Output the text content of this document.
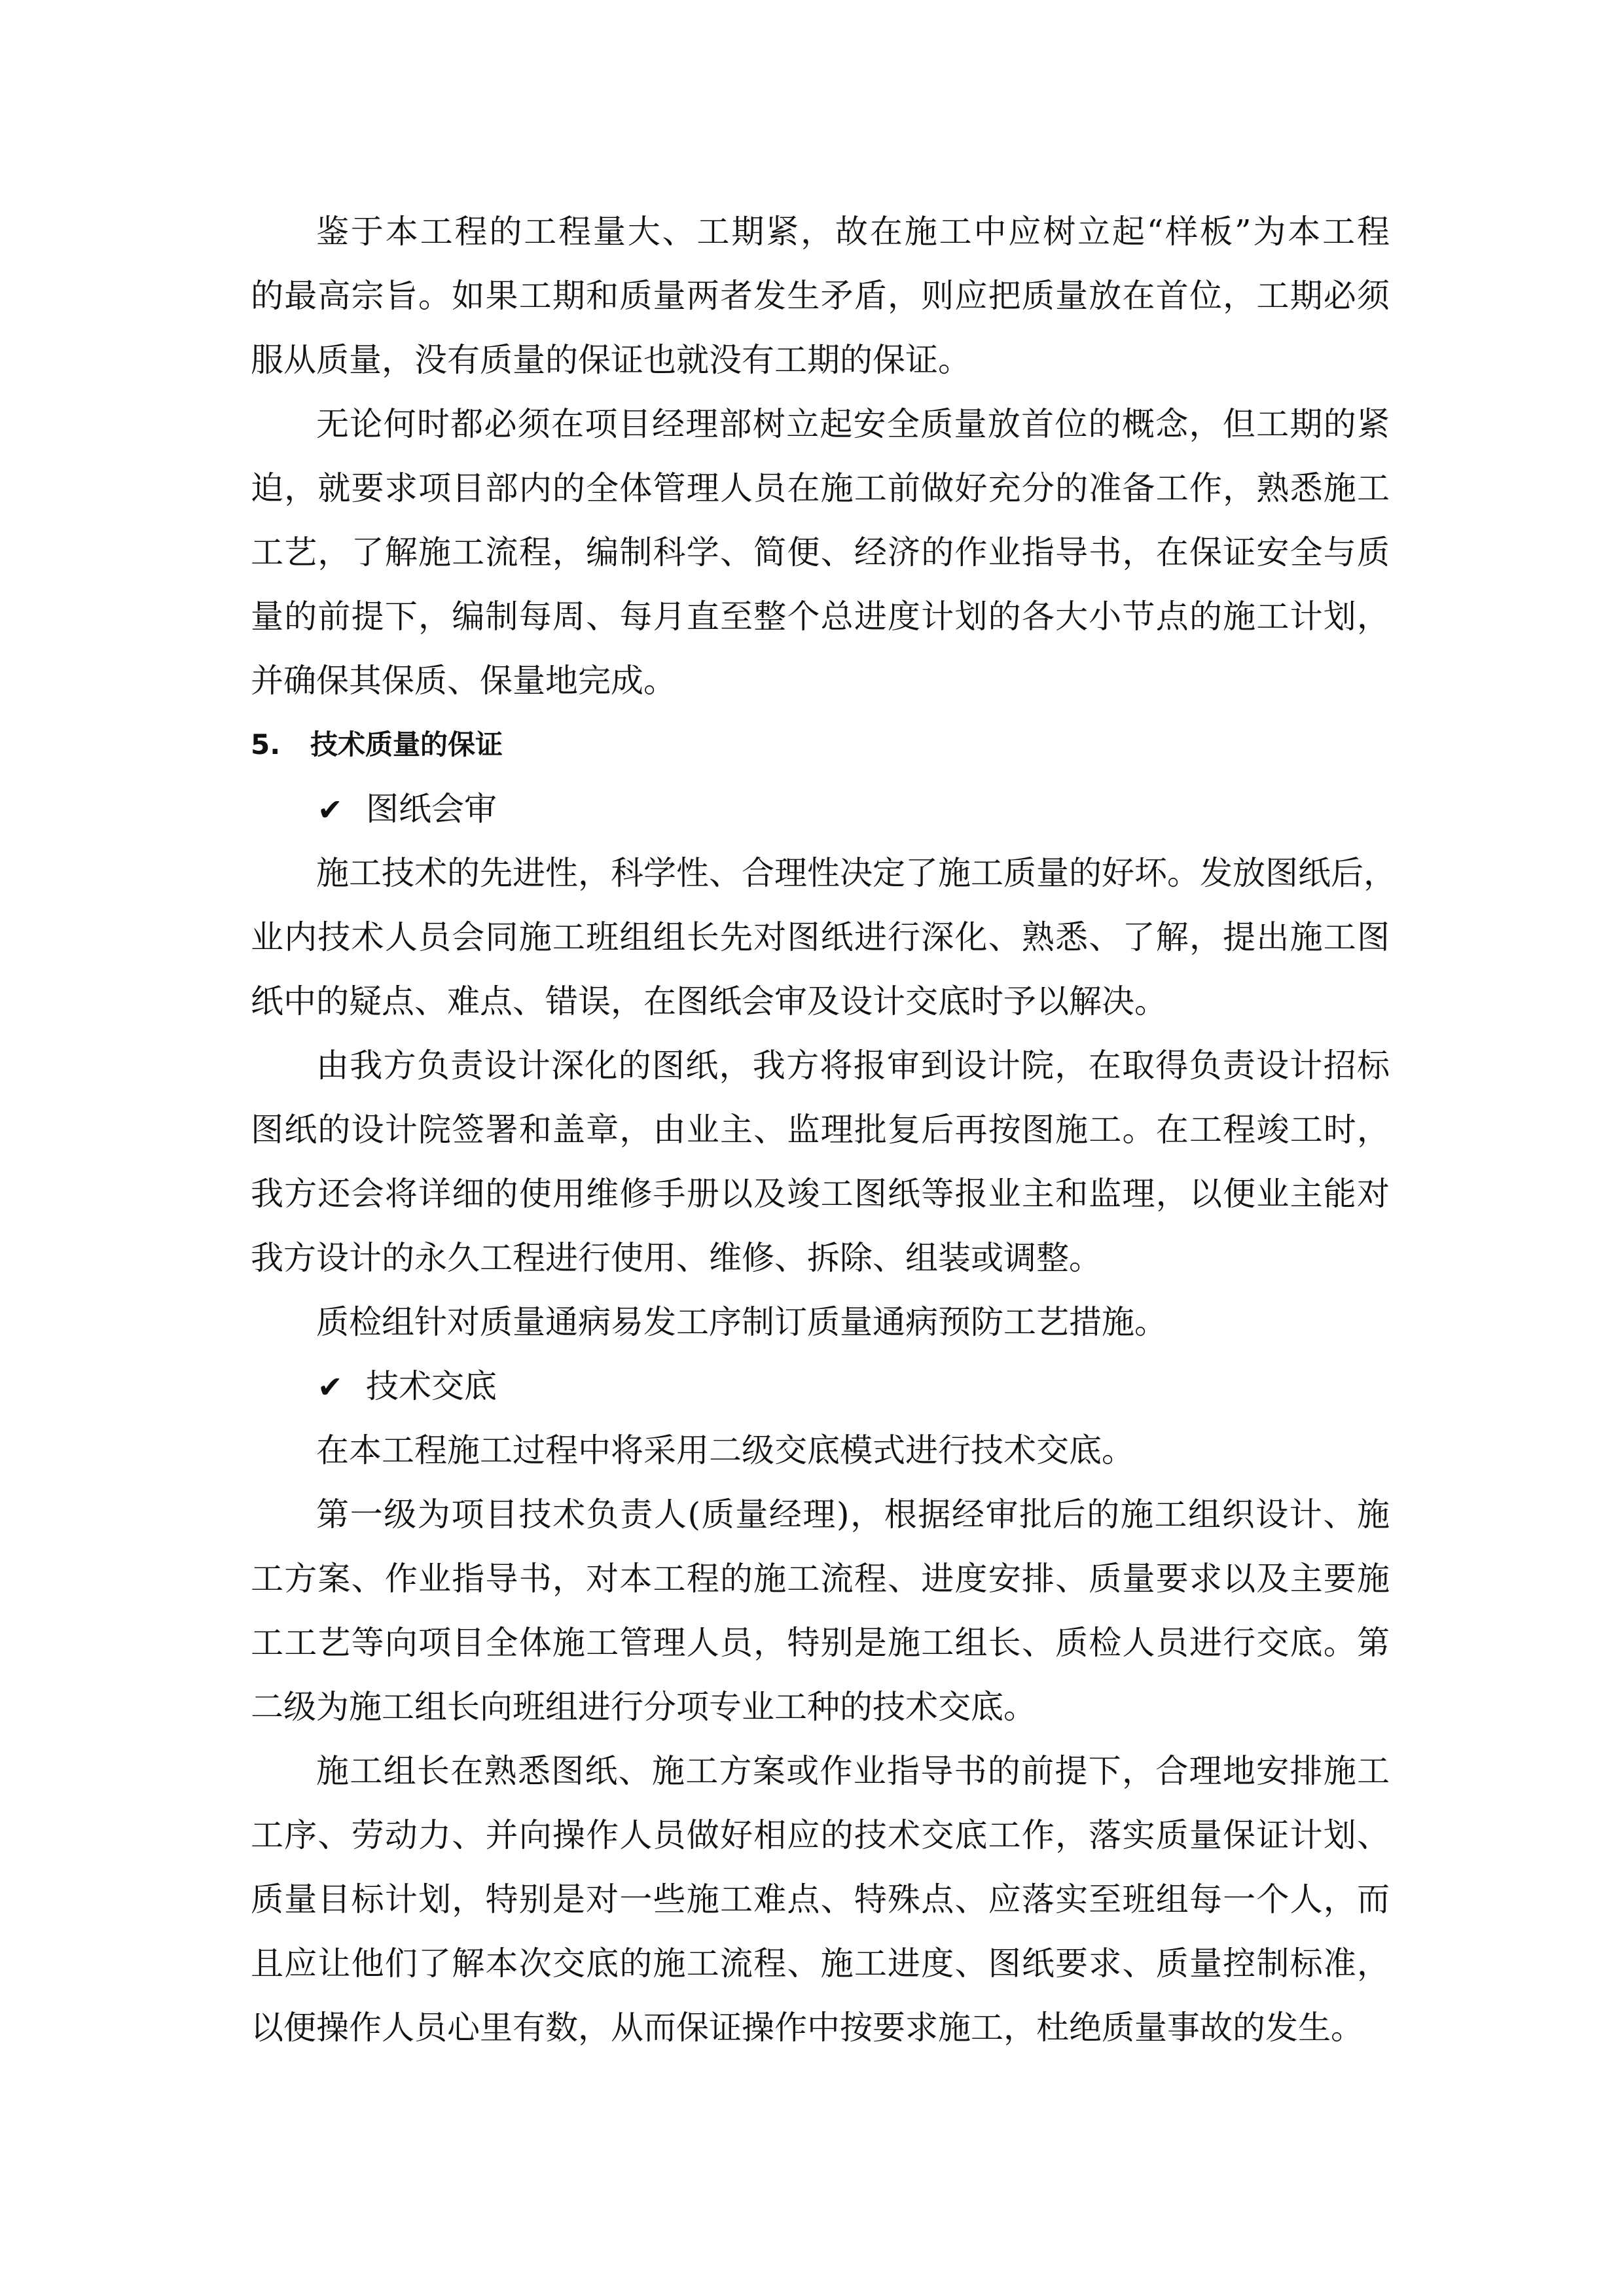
鉴于本工程的工程量大、工期紧，故在施工中应树立起“样板”为本工程
的最高宗旨。如果工期和质量两者发生矛盾，则应把质量放在首位，工期必须
服从质量，没有质量的保证也就没有工期的保证。
无论何时都必须在项目经理部树立起安全质量放首位的概念，但工期的紧
迫，就要求项目部内的全体管理人员在施工前做好充分的准备工作，熟悉施工
工艺，了解施工流程，编制科学、简便、经济的作业指导书，在保证安全与质
量的前提下，编制每周、每月直至整个总进度计划的各大小节点的施工计划，
并确保其保质、保量地完成。
5. 技术质量的保证
✔ 图纸会审
施工技术的先进性，科学性、合理性决定了施工质量的好坏。发放图纸后，
业内技术人员会同施工班组组长先对图纸进行深化、熟悉、了解，提出施工图
纸中的疑点、难点、错误，在图纸会审及设计交底时予以解决。
由我方负责设计深化的图纸，我方将报审到设计院，在取得负责设计招标
图纸的设计院签署和盖章，由业主、监理批复后再按图施工。在工程竣工时，
我方还会将详细的使用维修手册以及竣工图纸等报业主和监理，以便业主能对
我方设计的永久工程进行使用、维修、拆除、组装或调整。
质检组针对质量通病易发工序制订质量通病预防工艺措施。
✔ 技术交底
在本工程施工过程中将采用二级交底模式进行技术交底。
第一级为项目技术负责人(质量经理)，根据经审批后的施工组织设计、施
工方案、作业指导书，对本工程的施工流程、进度安排、质量要求以及主要施
工工艺等向项目全体施工管理人员，特别是施工组长、质检人员进行交底。第
二级为施工组长向班组进行分项专业工种的技术交底。
施工组长在熟悉图纸、施工方案或作业指导书的前提下，合理地安排施工
工序、劳动力、并向操作人员做好相应的技术交底工作，落实质量保证计划、
质量目标计划，特别是对一些施工难点、特殊点、应落实至班组每一个人，而
且应让他们了解本次交底的施工流程、施工进度、图纸要求、质量控制标准，
以便操作人员心里有数，从而保证操作中按要求施工，杜绝质量事故的发生。
